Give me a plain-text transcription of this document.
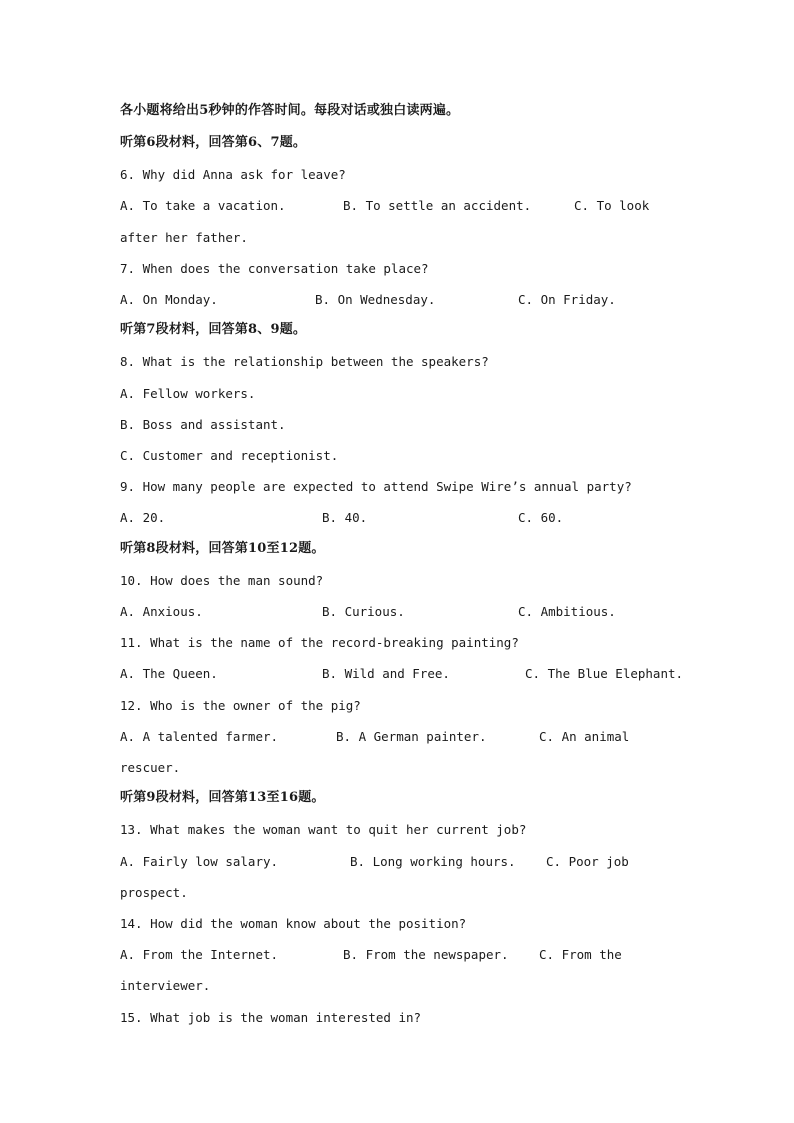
各小题将给出5秒钟的作答时间。每段对话或独白读两遍。
听第6段材料，回答第6、7题。
6. Why did Anna ask for leave?
A. To take a vacation.	B. To settle an accident.	C. To look
after her father.
7. When does the conversation take place?
A. On Monday.	B. On Wednesday.	C. On Friday.
听第7段材料，回答第8、9题。
8. What is the relationship between the speakers?
A. Fellow workers.
B. Boss and assistant.
C. Customer and receptionist.
9. How many people are expected to attend Swipe Wire’s annual party?
A. 20.	B. 40.	C. 60.
听第8段材料，回答第10至12题。
10. How does the man sound?
A. Anxious.	B. Curious.	C. Ambitious.
11. What is the name of the record-breaking painting?
A. The Queen.	B. Wild and Free.	C. The Blue Elephant.
12. Who is the owner of the pig?
A. A talented farmer.	B. A German painter.	C. An animal
rescuer.
听第9段材料，回答第13至16题。
13. What makes the woman want to quit her current job?
A. Fairly low salary.	B. Long working hours. C. Poor job
prospect.
14. How did the woman know about the position?
A. From the Internet.	B. From the newspaper. C. From the
interviewer.
15. What job is the woman interested in?
